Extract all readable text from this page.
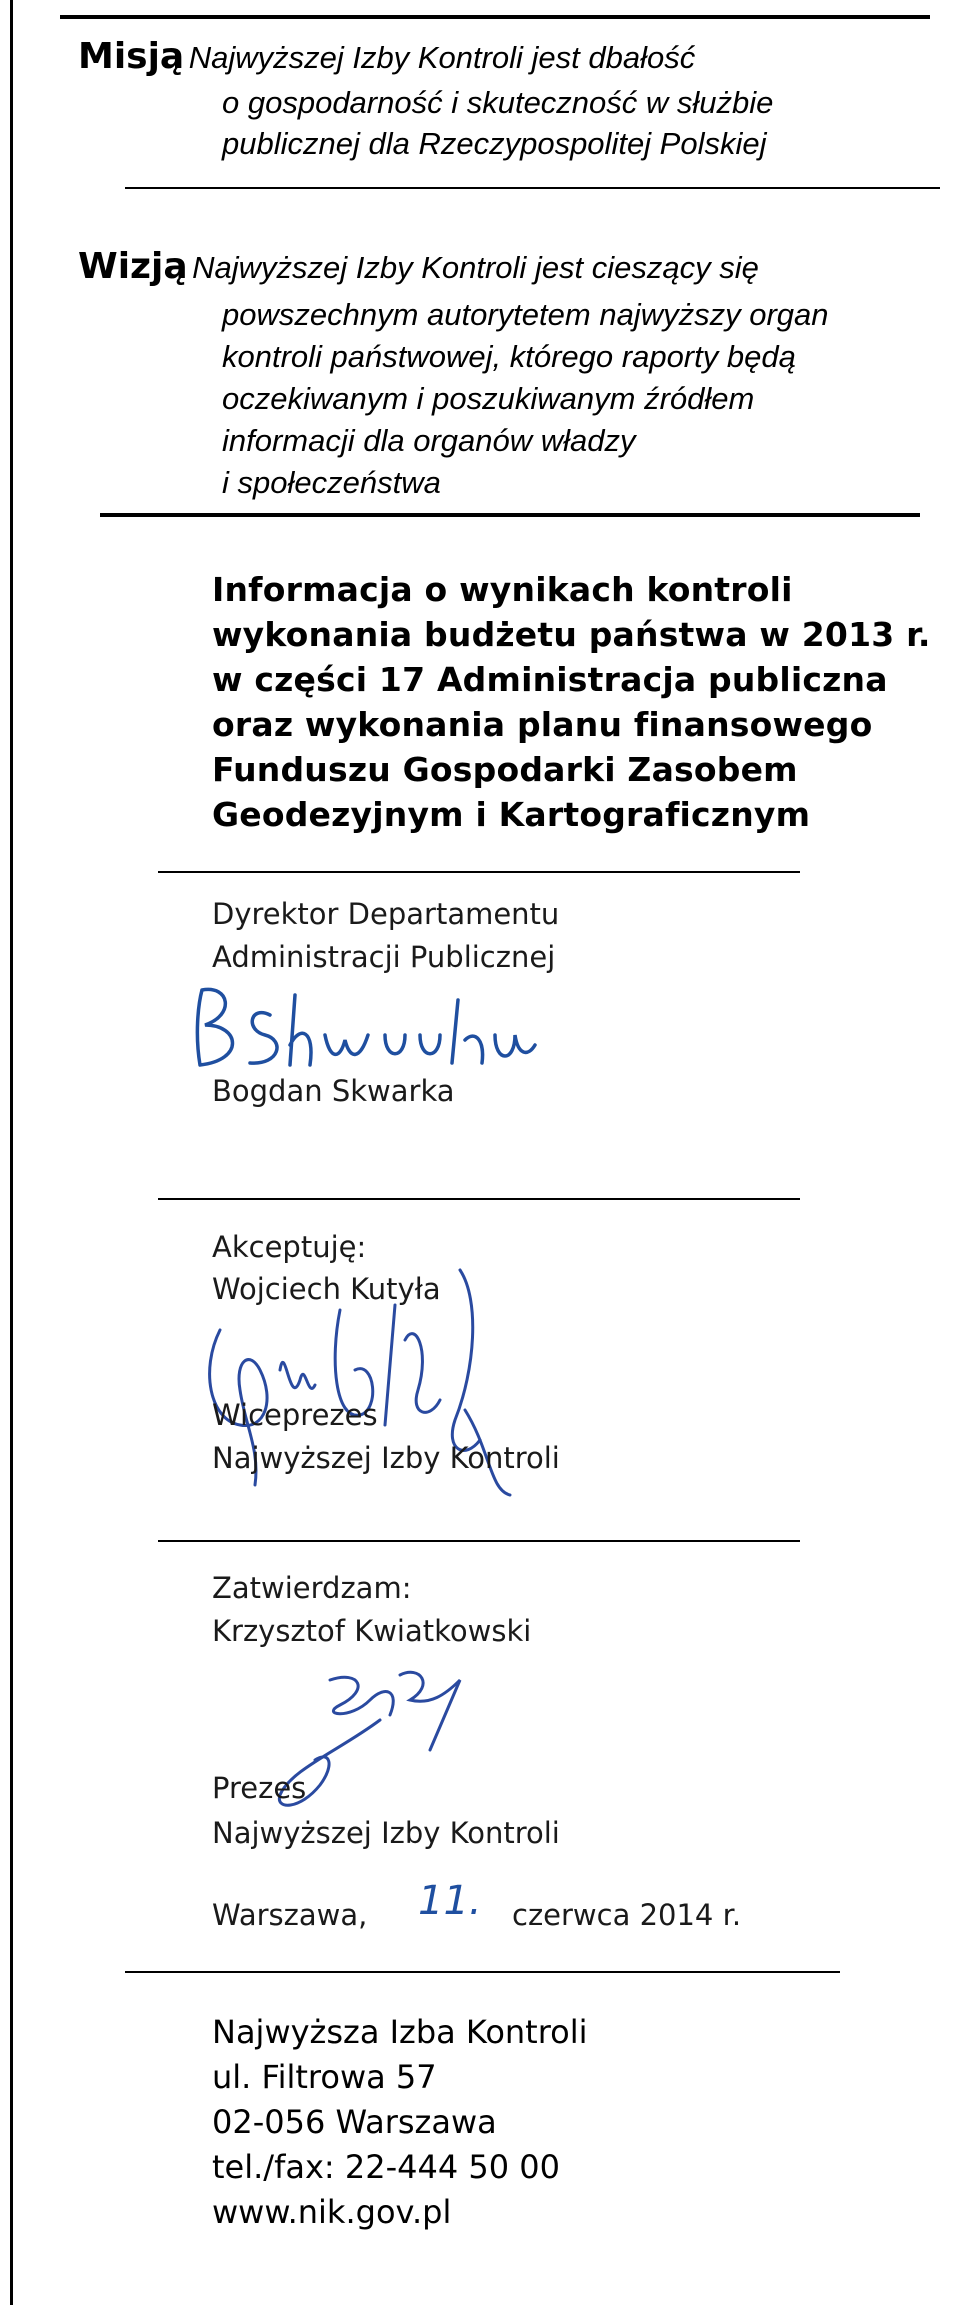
Misją Najwyższej Izby Kontroli jest dbałość
o gospodarność i skuteczność w służbie
publicznej dla Rzeczypospolitej Polskiej
Wizją Najwyższej Izby Kontroli jest cieszący się
powszechnym autorytetem najwyższy organ
kontroli państwowej, którego raporty będą
oczekiwanym i poszukiwanym źródłem
informacji dla organów władzy
i społeczeństwa
Informacja o wynikach kontroli
wykonania budżetu państwa w 2013 r.
w części 17 Administracja publiczna
oraz wykonania planu finansowego
Funduszu Gospodarki Zasobem
Geodezyjnym i Kartograficznym
Dyrektor Departamentu
Administracji Publicznej
Bogdan Skwarka
Akceptuję:
Wojciech Kutyła
Wiceprezes
Najwyższej Izby Kontroli
Zatwierdzam:
Krzysztof Kwiatkowski
Prezes
Najwyższej Izby Kontroli
Warszawa, 11. czerwca 2014 r.
Najwyższa Izba Kontroli
ul. Filtrowa 57
02-056 Warszawa
tel./fax: 22-444 50 00
www.nik.gov.pl
